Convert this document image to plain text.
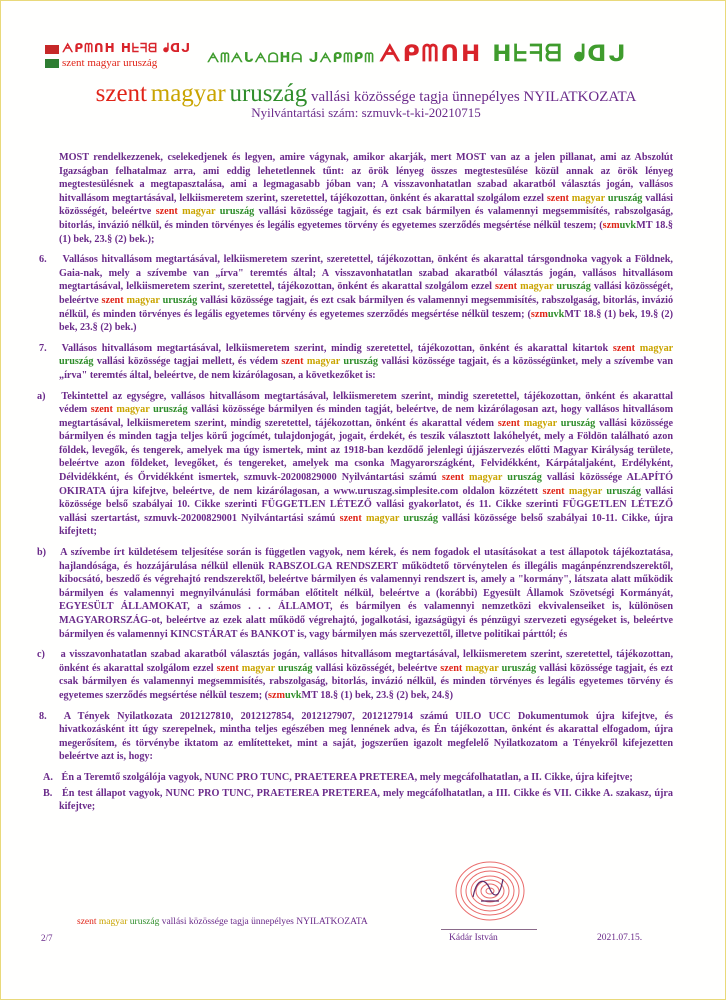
ᗅᑭᗰᑎᕼ ᕼᖶᖷᗺ ᖱᗡᒍ
szent magyar uruszág	ᗅᗰᗅᒐᗅᗝᕼᗩ ᒍᗅᑭᗰᑭᗰ ᗅᑭᗰᑎᕼ ᕼᖶᖷᗺ ᖱᗡᒍ
szent magyar uruszág vallási közössége tagja ünnepélyes NYILATKOZATA
Nyilvántartási szám: szmuvk-t-ki-20210715

MOST rendelkezzenek, cselekedjenek és legyen, amire vágynak, amikor akarják, mert MOST van az a jelen pillanat, ami az Abszolút Igazságban felhatalmaz arra, ami eddig lehetetlennek tűnt: az örök lényeg összes megtestesülése közül annak az örök lényeg megtestesülésnek a megtapasztalása, ami a legmagasabb jóban van; A visszavonhatatlan szabad akaratból választás jogán, vallásos hitvallásom megtartásával, lelkiismeretem szerint, szeretettel, tájékozottan, önként és akarattal szolgálom ezzel szent magyar uruszág vallási közösségét, beleértve szent magyar uruszág vallási közössége tagjait, és ezt csak bármilyen és valamennyi megsemmisítés, rabszolgaság, bitorlás, invázió nélkül, és minden törvényes és legális egyetemes törvény és egyetemes szerződés megsértése nélkül teszem; (szmuvkMT 18.§ (1) bek, 23.§ (2) bek.);

6. Vallásos hitvallásom megtartásával, lelkiismeretem szerint, szeretettel, tájékozottan, önként és akarattal társgondnoka vagyok a Földnek, Gaia-nak, mely a szívembe van „írva" teremtés által; A visszavonhatatlan szabad akaratból választás jogán, vallásos hitvallásom megtartásával, lelkiismeretem szerint, szeretettel, tájékozottan, önként és akarattal szolgálom ezzel szent magyar uruszág vallási közösségét, beleértve szent magyar uruszág vallási közössége tagjait, és ezt csak bármilyen és valamennyi megsemmisítés, rabszolgaság, bitorlás, invázió nélkül, és minden törvényes és legális egyetemes törvény és egyetemes szerződés megsértése nélkül teszem; (szmuvkMT 18.§ (1) bek, 19.§ (2) bek, 23.§ (2) bek.)

7. Vallásos hitvallásom megtartásával, lelkiismeretem szerint, mindig szeretettel, tájékozottan, önként és akarattal kitartok szent magyar uruszág vallási közössége tagjai mellett, és védem szent magyar uruszág vallási közössége tagjait, és a közösségünket, mely a szívembe van „írva" teremtés által, beleértve, de nem kizárólagosan, a következőket is:

a) Tekintettel az egységre, vallásos hitvallásom megtartásával, lelkiismeretem szerint, mindig szeretettel, tájékozottan, önként és akarattal védem szent magyar uruszág vallási közössége bármilyen és minden tagját, beleértve, de nem kizárólagosan azt, hogy vallásos hitvallásom megtartásával, lelkiismeretem szerint, mindig szeretettel, tájékozottan, önként és akarattal védem szent magyar uruszág vallási közössége bármilyen és minden tagja teljes körű jogcímét, tulajdonjogát, jogait, érdekét, és teszik választott lakóhelyét, mely a Földön található azon földek, levegők, és tengerek, amelyek ma úgy ismertek, mint az 1918-ban kezdődő jelenlegi újjászervezés előtti Magyar Királyság területe, beleértve azon földeket, levegőket, és tengereket, amelyek ma csonka Magyarországként, Felvidékként, Kárpátaljaként, Erdélyként, Délvidékként, és Őrvidékként ismertek, szmuvk-20200829000 Nyilvántartási számú szent magyar uruszág vallási közössége ALAPÍTÓ OKIRATA újra kifejtve, beleértve, de nem kizárólagosan, a www.uruszag.simplesite.com oldalon közzétett szent magyar uruszág vallási közössége belső szabályai 10. Cikke szerinti FÜGGETLEN LÉTEZŐ vallási gyakorlatot, és 11. Cikke szerinti FÜGGETLEN LÉTEZŐ vallási szertartást, szmuvk-20200829001 Nyilvántartási számú szent magyar uruszág vallási közössége belső szabályai 10-11. Cikke, újra kifejtett;

b) A szívembe írt küldetésem teljesítése során is független vagyok, nem kérek, és nem fogadok el utasításokat a test állapotok tájékoztatása, hajlandósága, és hozzájárulása nélkül ellenük RABSZOLGA RENDSZERT működtető törvénytelen és illegális magánpénzrendszerektől, kibocsátó, beszedő és végrehajtó rendszerektől, beleértve bármilyen és valamennyi rendszert is, amely a "kormány", látszata alatt működik bármilyen és valamennyi megnyilvánulási formában előtitelt nélkül, beleértve a (korábbi) Egyesült Államok Szövetségi Kormányát, EGYESÜLT ÁLLAMOKAT, a számos . . . ÁLLAMOT, és bármilyen és valamennyi nemzetközi ekvivalenseiket is, különösen MAGYARORSZÁG-ot, beleértve az ezek alatt működő végrehajtó, jogalkotási, igazságügyi és pénzügyi szervezeti egységeket is, beleértve bármilyen és valamennyi KINCSTÁRAT és BANKOT is, vagy bármilyen más szervezettől, illetve politikai párttól; és

c) a visszavonhatatlan szabad akaratból választás jogán, vallásos hitvallásom megtartásával, lelkiismeretem szerint, szeretettel, tájékozottan, önként és akarattal szolgálom ezzel szent magyar uruszág vallási közösségét, beleértve szent magyar uruszág vallási közössége tagjait, és ezt csak bármilyen és valamennyi megsemmisítés, rabszolgaság, bitorlás, invázió nélkül, és minden törvényes és legális egyetemes törvény és egyetemes szerződés megsértése nélkül teszem; (szmuvkMT 18.§ (1) bek, 23.§ (2) bek, 24.§)

8. A Tények Nyilatkozata 2012127810, 2012127854, 2012127907, 2012127914 számú UILO UCC Dokumentumok újra kifejtve, és hivatkozásként itt úgy szerepelnek, mintha teljes egészében meg lennének adva, és Én tájékozottan, önként és akarattal elfogadom, újra megerősítem, és törvénybe iktatom az említetteket, mint a saját, jogszerűen igazolt megfelelő Nyilatkozatom a Tényekről kifejezetten beleértve azt is, hogy:

A. Én a Teremtő szolgálója vagyok, NUNC PRO TUNC, PRAETEREA PRETEREA, mely megcáfolhatatlan, a II. Cikke, újra kifejtve;

B. Én test állapot vagyok, NUNC PRO TUNC, PRAETEREA PRETEREA, mely megcáfolhatatlan, a III. Cikke és VII. Cikke A. szakasz, újra kifejtve;

2/7
szent magyar uruszág vallási közössége tagja ünnepélyes NYILATKOZATA
Kádár István	2021.07.15.
